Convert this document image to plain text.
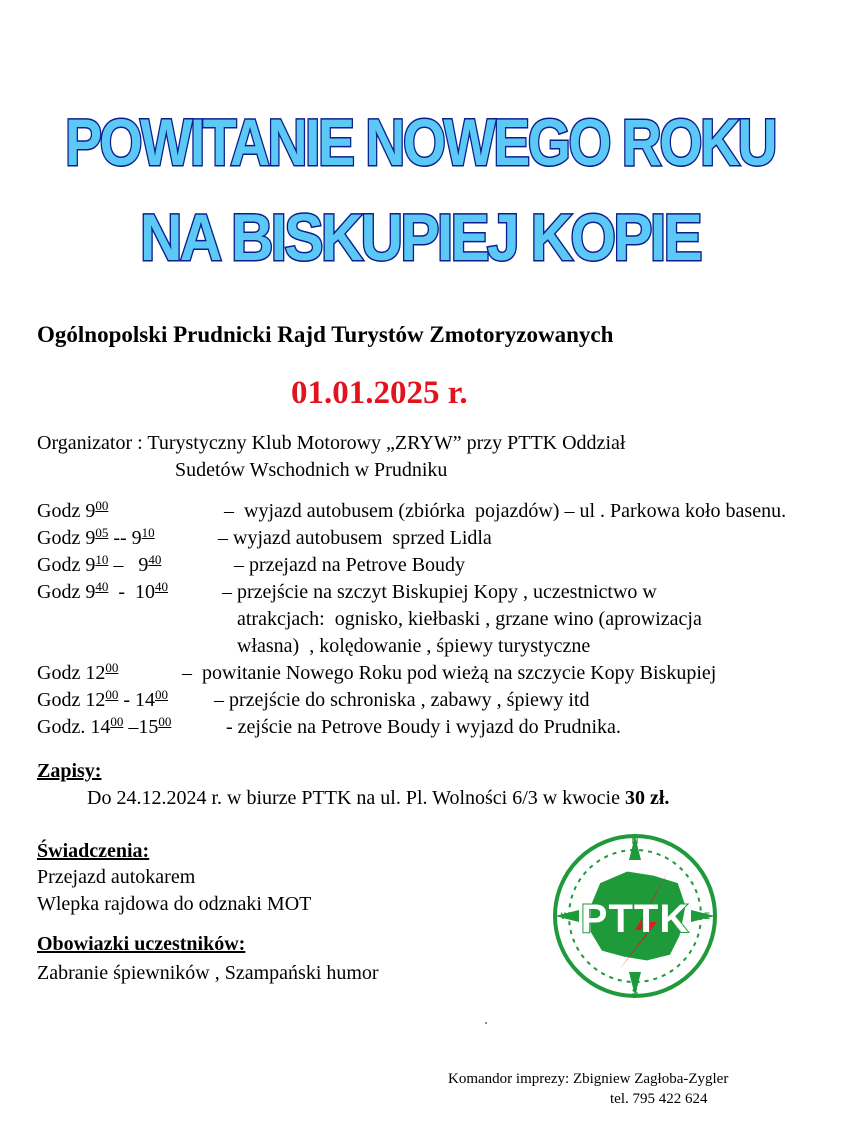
POWITANIE NOWEGO ROKU
NA BISKUPIEJ KOPIE
Ogólnopolski Prudnicki Rajd Turystów Zmotoryzowanych
01.01.2025 r.
Organizator : Turystyczny Klub Motorowy „ZRYW” przy PTTK Oddział
Sudetów Wschodnich w Prudniku
Godz $9^{00}$	–  wyjazd autobusem (zbiórka  pojazdów) – ul . Parkowa koło basenu.
Godz $9^{05} -- 9^{10}$	– wyjazd autobusem  sprzed Lidla
Godz $9^{10} - 9^{40}$	– przejazd na Petrove Boudy
Godz $9^{40} - 10^{40}$	– przejście na szczyt Biskupiej Kopy , uczestnictwo w
atrakcjach:  ognisko, kiełbaski , grzane wino (aprowizacja
własna)  , kolędowanie , śpiewy turystyczne
Godz $12^{00}$	–  powitanie Nowego Roku pod wieżą na szczycie Kopy Biskupiej
Godz $12^{00} - 14^{00}$ – przejście do schroniska , zabawy , śpiewy itd
Godz. $14^{00}$ $-15^{00}$	- zejście na Petrove Boudy i wyjazd do Prudnika.
Zapisy:
Do 24.12.2024 r. w biurze PTTK na ul. Pl. Wolności 6/3 w kwocie 30 zł.
Świadczenia:
Przejazd autokarem
Wlepka rajdowa do odznaki MOT
Obowiazki uczestników:
Zabranie śpiewników , Szampański humor
PTTK
N
S
W	E
Komandor imprezy: Zbigniew Zagłoba-Zygler
tel. 795 422 624
